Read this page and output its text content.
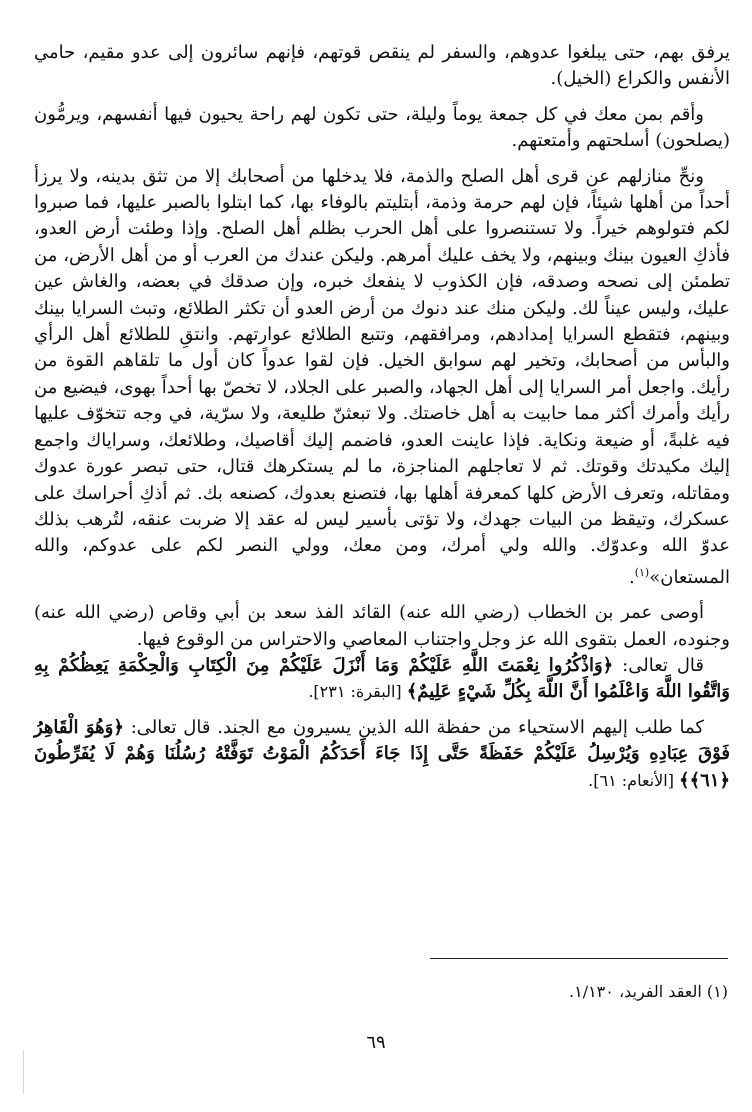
يرفق بهم، حتى يبلغوا عدوهم، والسفر لم ينقص قوتهم، فإنهم سائرون إلى عدو مقيم، حامي الأنفس والكراع (الخيل).

وأقم بمن معك في كل جمعة يوماً وليلة، حتى تكون لهم راحة يحيون فيها أنفسهم، ويرمُّون (يصلحون) أسلحتهم وأمتعتهم.

ونحِّ منازلهم عن قرى أهل الصلح والذمة، فلا يدخلها من أصحابك إلا من تثق بدينه، ولا يرزأ أحداً من أهلها شيئاً، فإن لهم حرمة وذمة، أبتليتم بالوفاء بها، كما ابتلوا بالصبر عليها، فما صبروا لكم فتولوهم خيراً. ولا تستنصروا على أهل الحرب بظلم أهل الصلح. وإذا وطئت أرض العدو، فأذكِ العيون بينك وبينهم، ولا يخف عليك أمرهم. وليكن عندك من العرب أو من أهل الأرض، من تطمئن إلى نصحه وصدقه، فإن الكذوب لا ينفعك خبره، وإن صدقك في بعضه، والغاش عين عليك، وليس عيناً لك. وليكن منك عند دنوك من أرض العدو أن تكثر الطلائع، وتبث السرايا بينك وبينهم، فتقطع السرايا إمدادهم، ومرافقهم، وتتبع الطلائع عوارتهم. وانتقِ للطلائع أهل الرأي والبأس من أصحابك، وتخير لهم سوابق الخيل. فإن لقوا عدواً كان أول ما تلقاهم القوة من رأيك. واجعل أمر السرايا إلى أهل الجهاد، والصبر على الجلاد، لا تخصّ بها أحداً بهوى، فيضيع من رأيك وأمرك أكثر مما حابيت به أهل خاصتك. ولا تبعثنّ طليعة، ولا سرّية، في وجه تتخوّف عليها فيه غلبةً، أو ضيعة ونكاية. فإذا عاينت العدو، فاضمم إليك أقاصيك، وطلائعك، وسراياك واجمع إليك مكيدتك وقوتك. ثم لا تعاجلهم المناجزة، ما لم يستكرهك قتال، حتى تبصر عورة عدوك ومقاتله، وتعرف الأرض كلها كمعرفة أهلها بها، فتصنع بعدوك، كصنعه بك. ثم أذكِ أحراسك على عسكرك، وتيقظ من البيات جهدك، ولا تؤتى بأسير ليس له عقد إلا ضربت عنقه، لتُرهب بذلك عدوّ الله وعدوّك. والله ولي أمرك، ومن معك، وولي النصر لكم على عدوكم، والله المستعان»$^{(١)}$.

أوصى عمر بن الخطاب (رضي الله عنه) القائد الفذ سعد بن أبي وقاص (رضي الله عنه) وجنوده، العمل بتقوى الله عز وجل واجتناب المعاصي والاحتراس من الوقوع فيها.

قال تعالى: ﴿وَاذْكُرُوا نِعْمَتَ اللَّهِ عَلَيْكُمْ وَمَا أَنْزَلَ عَلَيْكُمْ مِنَ الْكِتَابِ وَالْحِكْمَةِ يَعِظُكُمْ بِهِ وَاتَّقُوا اللَّهَ وَاعْلَمُوا أَنَّ اللَّهَ بِكُلِّ شَيْءٍ عَلِيمٌ﴾ [البقرة: ٢٣١].

كما طلب إليهم الاستحياء من حفظة الله الذين يسيرون مع الجند. قال تعالى: ﴿وَهُوَ الْقَاهِرُ فَوْقَ عِبَادِهِ وَيُرْسِلُ عَلَيْكُمْ حَفَظَةً حَتَّى إِذَا جَاءَ أَحَدَكُمُ الْمَوْتُ تَوَفَّتْهُ رُسُلُنَا وَهُمْ لَا يُفَرِّطُونَ ﴿٦١﴾﴾ [الأنعام: ٦١].

(١) العقد الفريد، ١/١٣٠.
٦٩
